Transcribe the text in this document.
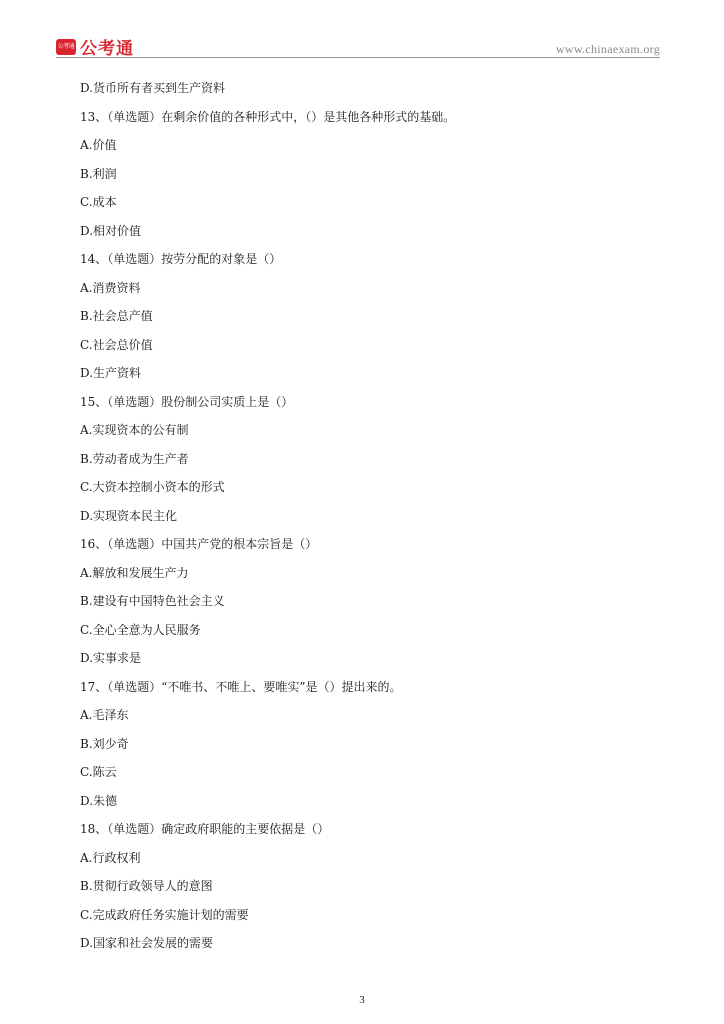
公考通 公考通	www.chinaexam.org
D.货币所有者买到生产资料
13、（单选题）在剩余价值的各种形式中，（）是其他各种形式的基础。
A.价值
B.利润
C.成本
D.相对价值
14、（单选题）按劳分配的对象是（）
A.消费资料
B.社会总产值
C.社会总价值
D.生产资料
15、（单选题）股份制公司实质上是（）
A.实现资本的公有制
B.劳动者成为生产者
C.大资本控制小资本的形式
D.实现资本民主化
16、（单选题）中国共产党的根本宗旨是（）
A.解放和发展生产力
B.建设有中国特色社会主义
C.全心全意为人民服务
D.实事求是
17、（单选题）“不唯书、不唯上、要唯实”是（）提出来的。
A.毛泽东
B.刘少奇
C.陈云
D.朱德
18、（单选题）确定政府职能的主要依据是（）
A.行政权利
B.贯彻行政领导人的意图
C.完成政府任务实施计划的需要
D.国家和社会发展的需要
3
